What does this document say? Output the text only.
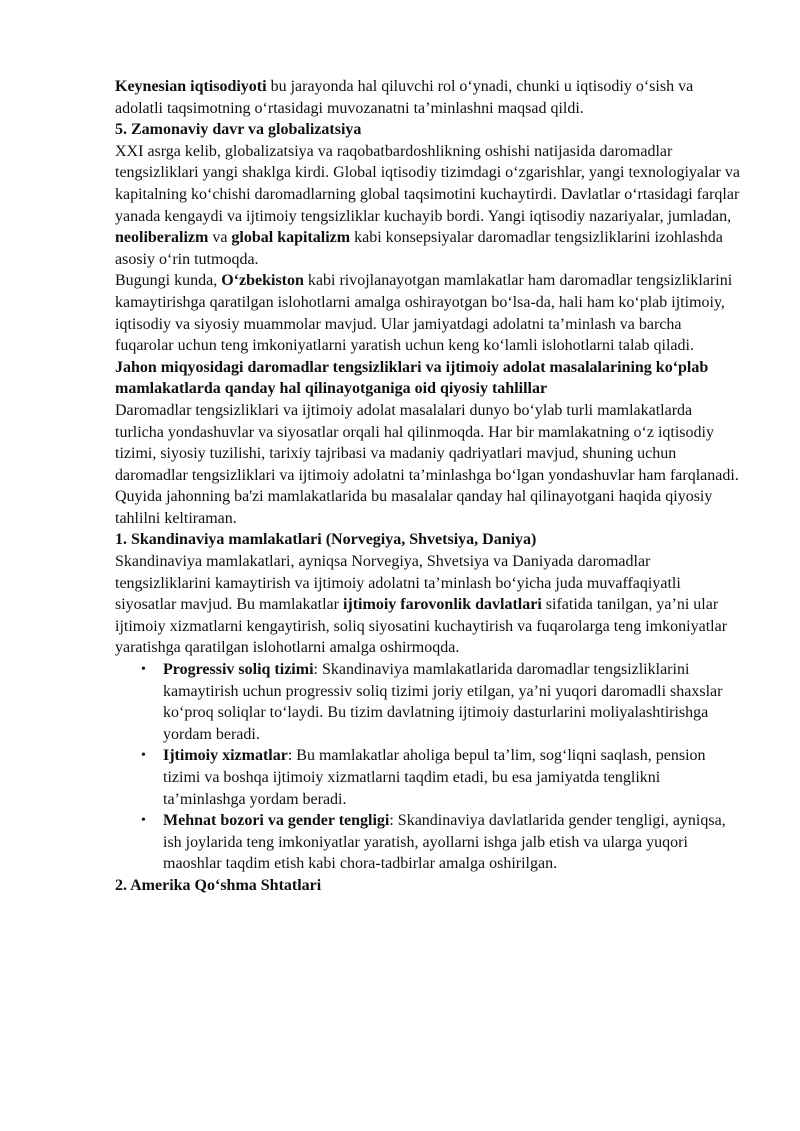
Keynesian iqtisodiyoti bu jarayonda hal qiluvchi rol oʻynadi, chunki u iqtisodiy oʻsish va adolatli taqsimotning oʻrtasidagi muvozanatni taʼminlashni maqsad qildi.

5. Zamonaviy davr va globalizatsiya

XXI asrga kelib, globalizatsiya va raqobatbardoshlikning oshishi natijasida daromadlar tengsizliklari yangi shaklga kirdi. Global iqtisodiy tizimdagi oʻzgarishlar, yangi texnologiyalar va kapitalning koʻchishi daromadlarning global taqsimotini kuchaytirdi. Davlatlar oʻrtasidagi farqlar yanada kengaydi va ijtimoiy tengsizliklar kuchayib bordi. Yangi iqtisodiy nazariyalar, jumladan, neoliberalizm va global kapitalizm kabi konsepsiyalar daromadlar tengsizliklarini izohlashda asosiy oʻrin tutmoqda.

Bugungi kunda, Oʻzbekiston kabi rivojlanayotgan mamlakatlar ham daromadlar tengsizliklarini kamaytirishga qaratilgan islohotlarni amalga oshirayotgan boʻlsa-da, hali ham koʻplab ijtimoiy, iqtisodiy va siyosiy muammolar mavjud. Ular jamiyatdagi adolatni taʼminlash va barcha fuqarolar uchun teng imkoniyatlarni yaratish uchun keng koʻlamli islohotlarni talab qiladi.

Jahon miqyosidagi daromadlar tengsizliklari va ijtimoiy adolat masalalarining koʻplab mamlakatlarda qanday hal qilinayotganiga oid qiyosiy tahlillar

Daromadlar tengsizliklari va ijtimoiy adolat masalalari dunyo boʻylab turli mamlakatlarda turlicha yondashuvlar va siyosatlar orqali hal qilinmoqda. Har bir mamlakatning oʻz iqtisodiy tizimi, siyosiy tuzilishi, tarixiy tajribasi va madaniy qadriyatlari mavjud, shuning uchun daromadlar tengsizliklari va ijtimoiy adolatni taʼminlashga boʻlgan yondashuvlar ham farqlanadi. Quyida jahonning ba'zi mamlakatlarida bu masalalar qanday hal qilinayotgani haqida qiyosiy tahlilni keltiraman.

1. Skandinaviya mamlakatlari (Norvegiya, Shvetsiya, Daniya)

Skandinaviya mamlakatlari, ayniqsa Norvegiya, Shvetsiya va Daniyada daromadlar tengsizliklarini kamaytirish va ijtimoiy adolatni taʼminlash boʻyicha juda muvaffaqiyatli siyosatlar mavjud. Bu mamlakatlar ijtimoiy farovonlik davlatlari sifatida tanilgan, yaʼni ular ijtimoiy xizmatlarni kengaytirish, soliq siyosatini kuchaytirish va fuqarolarga teng imkoniyatlar yaratishga qaratilgan islohotlarni amalga oshirmoqda.

• Progressiv soliq tizimi: Skandinaviya mamlakatlarida daromadlar tengsizliklarini kamaytirish uchun progressiv soliq tizimi joriy etilgan, yaʼni yuqori daromadli shaxslar koʻproq soliqlar toʻlaydi. Bu tizim davlatning ijtimoiy dasturlarini moliyalashtirishga yordam beradi.
• Ijtimoiy xizmatlar: Bu mamlakatlar aholiga bepul taʼlim, sogʻliqni saqlash, pension tizimi va boshqa ijtimoiy xizmatlarni taqdim etadi, bu esa jamiyatda tenglikni taʼminlashga yordam beradi.
• Mehnat bozori va gender tengligi: Skandinaviya davlatlarida gender tengligi, ayniqsa, ish joylarida teng imkoniyatlar yaratish, ayollarni ishga jalb etish va ularga yuqori maoshlar taqdim etish kabi chora-tadbirlar amalga oshirilgan.
2. Amerika Qoʻshma Shtatlari
